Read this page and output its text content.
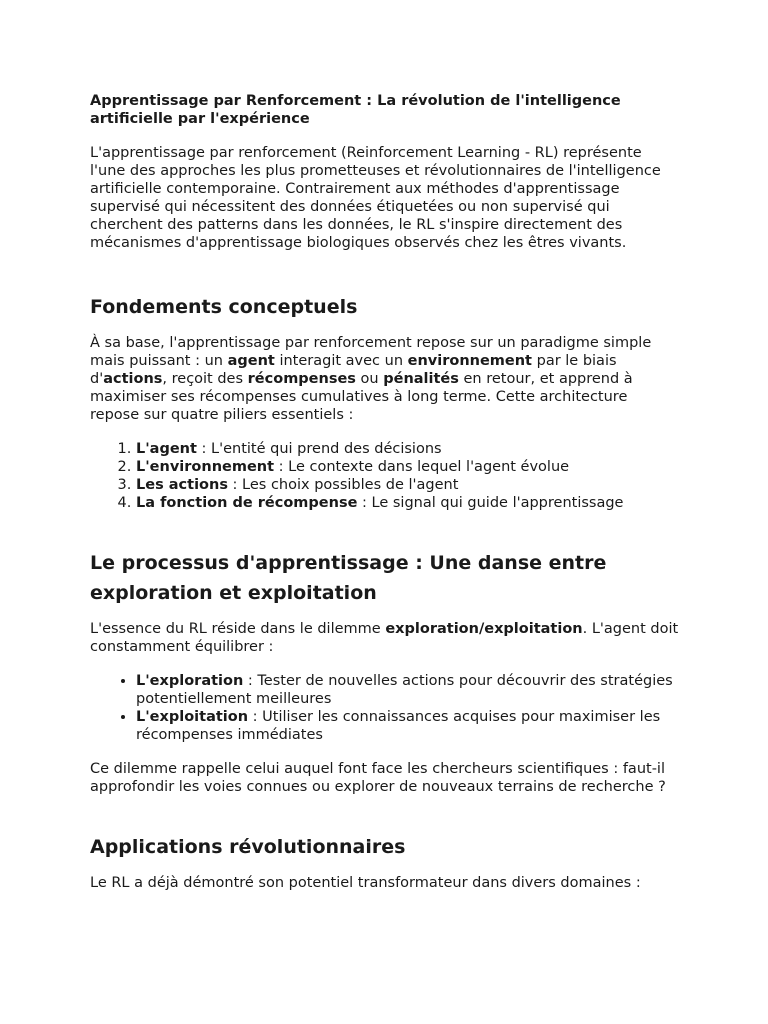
Apprentissage par Renforcement : La révolution de l'intelligence artificielle par l'expérience

L'apprentissage par renforcement (Reinforcement Learning - RL) représente l'une des approches les plus prometteuses et révolutionnaires de l'intelligence artificielle contemporaine. Contrairement aux méthodes d'apprentissage supervisé qui nécessitent des données étiquetées ou non supervisé qui cherchent des patterns dans les données, le RL s'inspire directement des mécanismes d'apprentissage biologiques observés chez les êtres vivants.

Fondements conceptuels

À sa base, l'apprentissage par renforcement repose sur un paradigme simple mais puissant : un agent interagit avec un environnement par le biais d'actions, reçoit des récompenses ou pénalités en retour, et apprend à maximiser ses récompenses cumulatives à long terme. Cette architecture repose sur quatre piliers essentiels :

1. L'agent : L'entité qui prend des décisions
2. L'environnement : Le contexte dans lequel l'agent évolue
3. Les actions : Les choix possibles de l'agent
4. La fonction de récompense : Le signal qui guide l'apprentissage
Le processus d'apprentissage : Une danse entre exploration et exploitation

L'essence du RL réside dans le dilemme exploration/exploitation. L'agent doit constamment équilibrer :

• L'exploration : Tester de nouvelles actions pour découvrir des stratégies potentiellement meilleures
• L'exploitation : Utiliser les connaissances acquises pour maximiser les récompenses immédiates

Ce dilemme rappelle celui auquel font face les chercheurs scientifiques : faut-il approfondir les voies connues ou explorer de nouveaux terrains de recherche ?

Applications révolutionnaires

Le RL a déjà démontré son potentiel transformateur dans divers domaines :
